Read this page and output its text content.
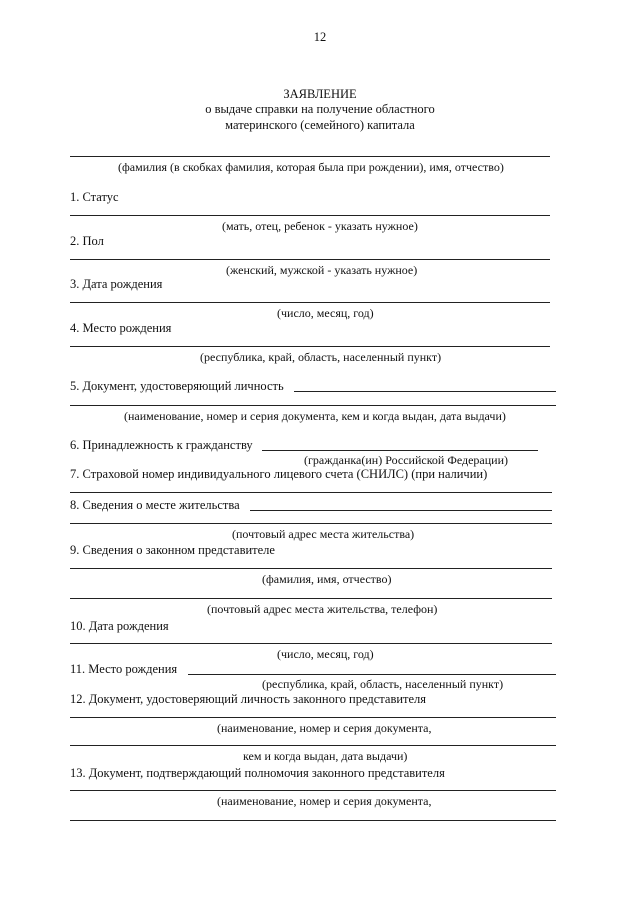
12
ЗАЯВЛЕНИЕ
о выдаче справки на получение областного
материнского (семейного) капитала
(фамилия (в скобках фамилия, которая была при рождении), имя, отчество)
1. Статус
(мать, отец, ребенок - указать нужное)
2. Пол
(женский, мужской - указать нужное)
3. Дата рождения
(число, месяц, год)
4. Место рождения
(республика, край, область, населенный пункт)
5. Документ, удостоверяющий личность
(наименование, номер и серия документа, кем и когда выдан, дата выдачи)
6. Принадлежность к гражданству
(гражданка(ин) Российской Федерации)
7. Страховой номер индивидуального лицевого счета (СНИЛС) (при наличии)
8. Сведения о месте жительства
(почтовый адрес места жительства)
9. Сведения о законном представителе
(фамилия, имя, отчество)
(почтовый адрес места жительства, телефон)
10. Дата рождения
(число, месяц, год)
11. Место рождения
(республика, край, область, населенный пункт)
12. Документ, удостоверяющий личность законного представителя
(наименование, номер и серия документа,
кем и когда выдан, дата выдачи)
13. Документ, подтверждающий полномочия законного представителя
(наименование, номер и серия документа,
